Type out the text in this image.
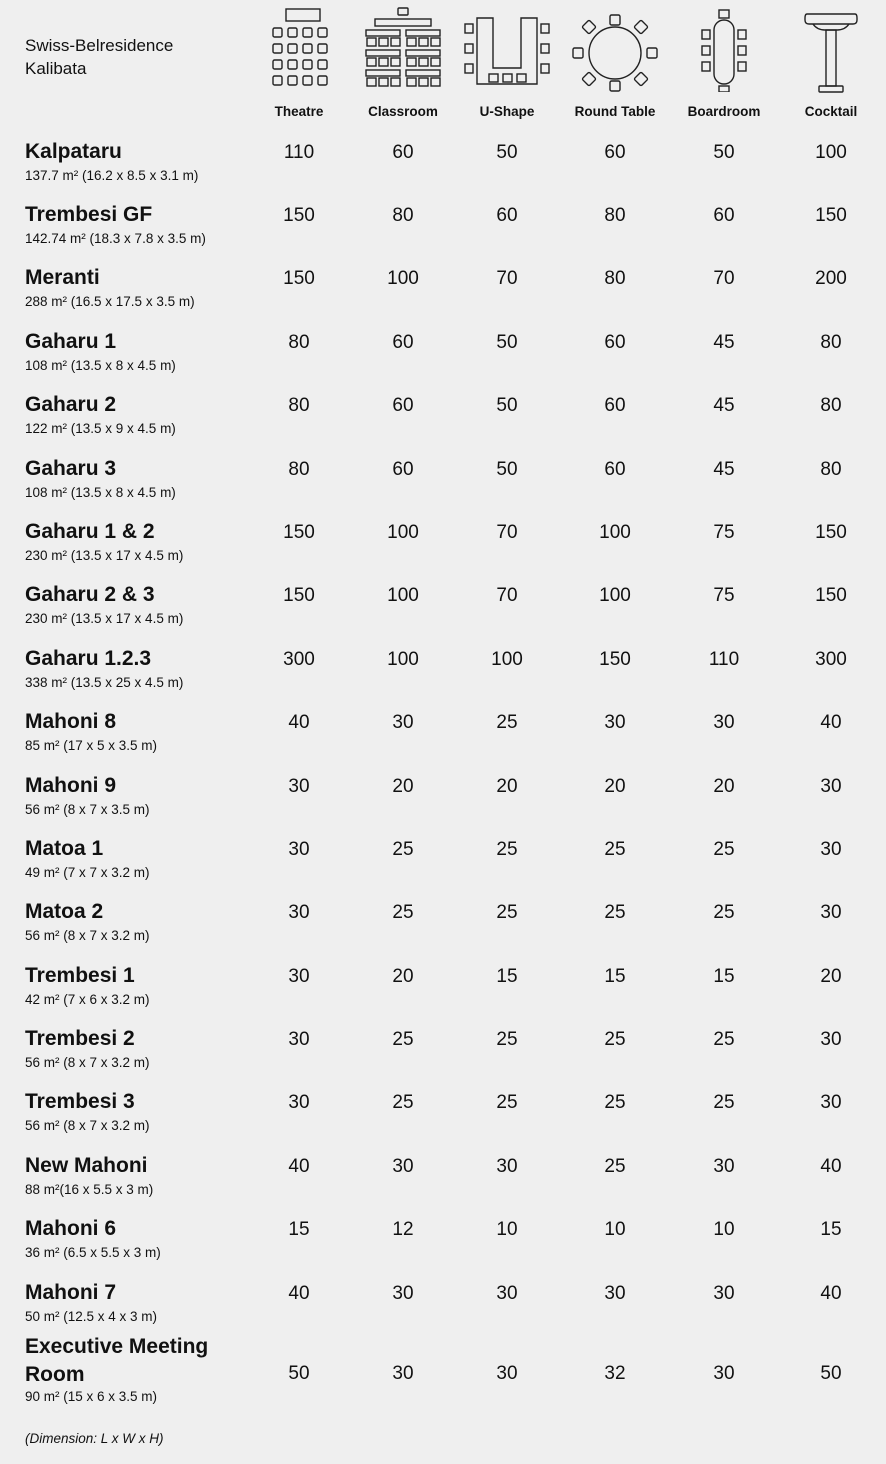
Swiss-Belresidence
Kalibata
Theatre	Classroom	U-Shape	Round Table	Boardroom	Cocktail
Kalpataru
137.7 m² (16.2 x 8.5 x 3.1 m)
110	60	50	60	50	100
Trembesi GF
142.74 m² (18.3 x 7.8 x 3.5 m)
150	80	60	80	60	150
Meranti
288 m² (16.5 x 17.5 x 3.5 m)
150	100	70	80	70	200
Gaharu 1
108 m² (13.5 x 8 x 4.5 m)
80	60	50	60	45	80
Gaharu 2
122 m² (13.5 x 9 x 4.5 m)
80	60	50	60	45	80
Gaharu 3
108 m² (13.5 x 8 x 4.5 m)
80	60	50	60	45	80
Gaharu 1 & 2
230 m² (13.5 x 17 x 4.5 m)
150	100	70	100	75	150
Gaharu 2 & 3
230 m² (13.5 x 17 x 4.5 m)
150	100	70	100	75	150
Gaharu 1.2.3
338 m² (13.5 x 25 x 4.5 m)
300	100	100	150	110	300
Mahoni 8
85 m² (17 x 5 x 3.5 m)
40	30	25	30	30	40
Mahoni 9
56 m² (8 x 7 x 3.5 m)
30	20	20	20	20	30
Matoa 1
49 m² (7 x 7 x 3.2 m)
30	25	25	25	25	30
Matoa 2
56 m² (8 x 7 x 3.2 m)
30	25	25	25	25	30
Trembesi 1
42 m² (7 x 6 x 3.2 m)
30	20	15	15	15	20
Trembesi 2
56 m² (8 x 7 x 3.2 m)
30	25	25	25	25	30
Trembesi 3
56 m² (8 x 7 x 3.2 m)
30	25	25	25	25	30
New Mahoni
88 m²(16 x 5.5 x 3 m)
40	30	30	25	30	40
Mahoni 6
36 m² (6.5 x 5.5 x 3 m)
15	12	10	10	10	15
Mahoni 7
50 m² (12.5 x 4 x 3 m)
40	30	30	30	30	40
Executive Meeting Room
90 m² (15 x 6 x 3.5 m)
50	30	30	32	30	50
(Dimension: L x W x H)
